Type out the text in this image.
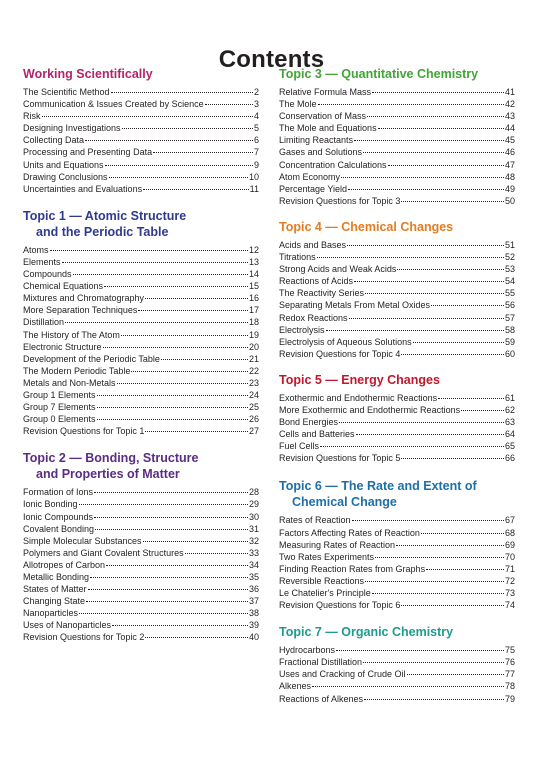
Contents
Working Scientifically
The Scientific Method	2
Communication & Issues Created by Science	3
Risk	4
Designing Investigations	5
Collecting Data	6
Processing and Presenting Data	7
Units and Equations	9
Drawing Conclusions	10
Uncertainties and Evaluations	11
Topic 1 — Atomic Structure
and the Periodic Table
Atoms	12
Elements	13
Compounds	14
Chemical Equations	15
Mixtures and Chromatography	16
More Separation Techniques	17
Distillation	18
The History of The Atom	19
Electronic Structure	20
Development of the Periodic Table	21
The Modern Periodic Table	22
Metals and Non-Metals	23
Group 1 Elements	24
Group 7 Elements	25
Group 0 Elements	26
Revision Questions for Topic 1	27
Topic 2 — Bonding, Structure
and Properties of Matter
Formation of Ions	28
Ionic Bonding	29
Ionic Compounds	30
Covalent Bonding	31
Simple Molecular Substances	32
Polymers and Giant Covalent Structures	33
Allotropes of Carbon	34
Metallic Bonding	35
States of Matter	36
Changing State	37
Nanoparticles	38
Uses of Nanoparticles	39
Revision Questions for Topic 2	40
Topic 3 — Quantitative Chemistry
Relative Formula Mass	41
The Mole	42
Conservation of Mass	43
The Mole and Equations	44
Limiting Reactants	45
Gases and Solutions	46
Concentration Calculations	47
Atom Economy	48
Percentage Yield	49
Revision Questions for Topic 3	50
Topic 4 — Chemical Changes
Acids and Bases	51
Titrations	52
Strong Acids and Weak Acids	53
Reactions of Acids	54
The Reactivity Series	55
Separating Metals From Metal Oxides	56
Redox Reactions	57
Electrolysis	58
Electrolysis of Aqueous Solutions	59
Revision Questions for Topic 4	60
Topic 5 — Energy Changes
Exothermic and Endothermic Reactions	61
More Exothermic and Endothermic Reactions	62
Bond Energies	63
Cells and Batteries	64
Fuel Cells	65
Revision Questions for Topic 5	66
Topic 6 — The Rate and Extent of
Chemical Change
Rates of Reaction	67
Factors Affecting Rates of Reaction	68
Measuring Rates of Reaction	69
Two Rates Experiments	70
Finding Reaction Rates from Graphs	71
Reversible Reactions	72
Le Chatelier's Principle	73
Revision Questions for Topic 6	74
Topic 7 — Organic Chemistry
Hydrocarbons	75
Fractional Distillation	76
Uses and Cracking of Crude Oil	77
Alkenes	78
Reactions of Alkenes	79
